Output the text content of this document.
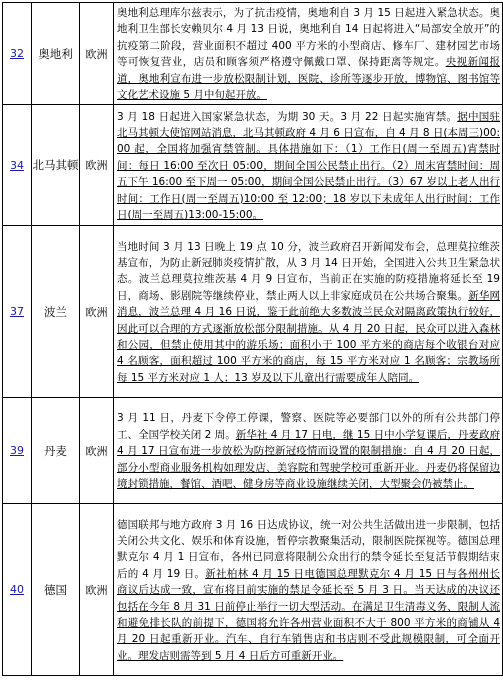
32	奥地利	欧洲	奥地利总理库尔兹表示，为了抗击疫情，奥地利自 3 月 15 日起进入紧急状态。奥地利卫生部长安赖贝尔 4 月 13 日说，奥地利自 14 日起将进入“局部安全放开”的抗疫第二阶段，营业面积不超过 400 平方米的小型商店、修车厂、建材园艺市场等可恢复营业，店员和顾客须严格遵守佩戴口罩、保持距离等规定。央视新闻报道，奥地利宣布进一步放松限制计划，医院、诊所等逐步开放，博物馆、图书馆等文化艺术设施 5 月中旬起开放。
34	北马其顿	欧洲	3 月 18 日起进入国家紧急状态，为期 30 天。3 月 22 日起实施宵禁。据中国驻北马其顿大使馆网站消息，北马其顿政府 4 月 6 日宣布，自 4 月 8 日(本周三)00:00 起，全国将加强宵禁管制。具体措施如下：（1）工作日(周一至周五)宵禁时间：每日 16:00 至次日 05:00，期间全国公民禁止出行。（2）周末宵禁时间：周五下午 16:00 至下周一 05:00，期间全国公民禁止出行。（3）67 岁以上老人出行时间：工作日(周一至周五)10:00 至 12:00；18 岁以下未成年人出行时间：工作日(周一至周五)13:00-15:00。
37	波兰	欧洲	当地时间 3 月 13 日晚上 19 点 10 分，波兰政府召开新闻发布会，总理莫拉维茨基宣布，为防止新冠肺炎疫情扩散，从 3 月 14 日开始，全国进入公共卫生紧急状态。波兰总理莫拉维茨基 4 月 9 日宣布，当前正在实施的防疫措施将延长至 19 日，商场、影剧院等继续停业，禁止两人以上非家庭成员在公共场合聚集。新华网消息，波兰总理 4 月 16 日说，鉴于此前绝大多数波兰民众对隔离政策执行较好，因此可以合理的方式逐渐放松部分限制措施。从 4 月 20 日起，民众可以进入森林和公园，但禁止使用其中的游乐场；面积小于 100 平方米的商店每个收银台对应 4 名顾客，面积超过 100 平方米的商店，每 15 平方米对应 1 名顾客；宗教场所每 15 平方米对应 1 人；13 岁及以下儿童出行需要成年人陪同。
39	丹麦	欧洲	3 月 11 日，丹麦下令停工停课，警察、医院等必要部门以外的所有公共部门停工、全国学校关闭 2 周。新华社 4 月 17 日电，继 15 日中小学复课后，丹麦政府 4 月 17 日宣布进一步放松为防控新冠疫情而设置的限制措施：自 4 月 20 日起，部分小型商业服务机构如理发店、美容院和驾驶学校可重新开业。丹麦仍将保留边境封锁措施，餐馆、酒吧、健身房等商业设施继续关闭，大型聚会仍被禁止。
40	德国	欧洲	德国联邦与地方政府 3 月 16 日达成协议，统一对公共生活做出进一步限制，包括关闭公共文化、娱乐和体育设施，暂停宗教聚集活动，限制医院探视等。德国总理默克尔 4 月 1 日宣布，各州已同意将限制公众出行的禁令延长至复活节假期结束后的 4 月 19 日。新社柏林 4 月 15 日电德国总理默克尔 4 月 15 日与各州州长商议后达成一致，宣布将目前实施的禁足令延长至 5 月 3 日。当天达成的决议还包括在今年 8 月 31 日前停止举行一切大型活动。在满足卫生清毒义务、限制人流和避免排长队的前提下，德国将允许各州营业面积不大于 800 平方米的商铺从 4 月 20 日起重新开业。汽车、自行车销售店和书店则不受此规模限制，可全面开业。理发店则需等到 5 月 4 日后方可重新开业。
